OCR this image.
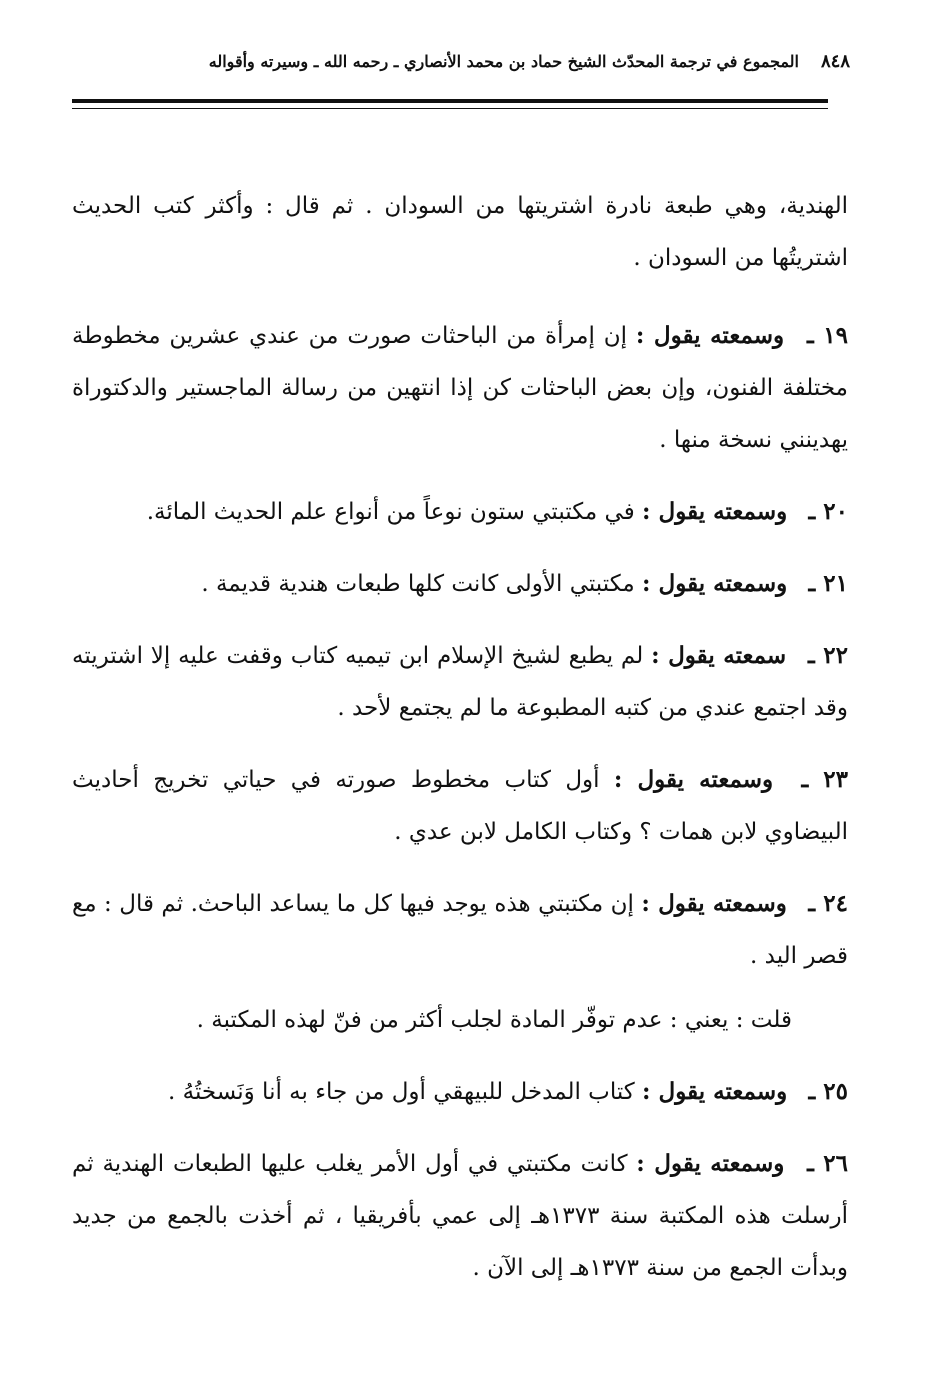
٨٤٨
المجموع في ترجمة المحدّث الشيخ حماد بن محمد الأنصاري ـ رحمه الله ـ وسيرته وأقواله

الهندية، وهي طبعة نادرة اشتريتها من السودان . ثم قال : وأكثر كتب الحديث اشتريتُها من السودان .

١٩ ـ وسمعته يقول : إن إمرأة من الباحثات صورت من عندي عشرين مخطوطة مختلفة الفنون، وإن بعض الباحثات كن إذا انتهين من رسالة الماجستير والدكتوراة يهدينني نسخة منها .

٢٠ ـ وسمعته يقول : في مكتبتي ستون نوعاً من أنواع علم الحديث المائة.

٢١ ـ وسمعته يقول : مكتبتي الأولى كانت كلها طبعات هندية قديمة .

٢٢ ـ سمعته يقول : لم يطبع لشيخ الإسلام ابن تيميه كتاب وقفت عليه إلا اشتريته وقد اجتمع عندي من كتبه المطبوعة ما لم يجتمع لأحد .

٢٣ ـ وسمعته يقول : أول كتاب مخطوط صورته في حياتي تخريج أحاديث البيضاوي لابن همات ؟ وكتاب الكامل لابن عدي .

٢٤ ـ وسمعته يقول : إن مكتبتي هذه يوجد فيها كل ما يساعد الباحث. ثم قال : مع قصر اليد .

قلت : يعني : عدم توفّر المادة لجلب أكثر من فنّ لهذه المكتبة .

٢٥ ـ وسمعته يقول : كتاب المدخل للبيهقي أول من جاء به أنا وَنَسختُهُ .

٢٦ ـ وسمعته يقول : كانت مكتبتي في أول الأمر يغلب عليها الطبعات الهندية ثم أرسلت هذه المكتبة سنة ١٣٧٣هـ إلى عمي بأفريقيا ، ثم أخذت بالجمع من جديد وبدأت الجمع من سنة ١٣٧٣هـ إلى الآن .
